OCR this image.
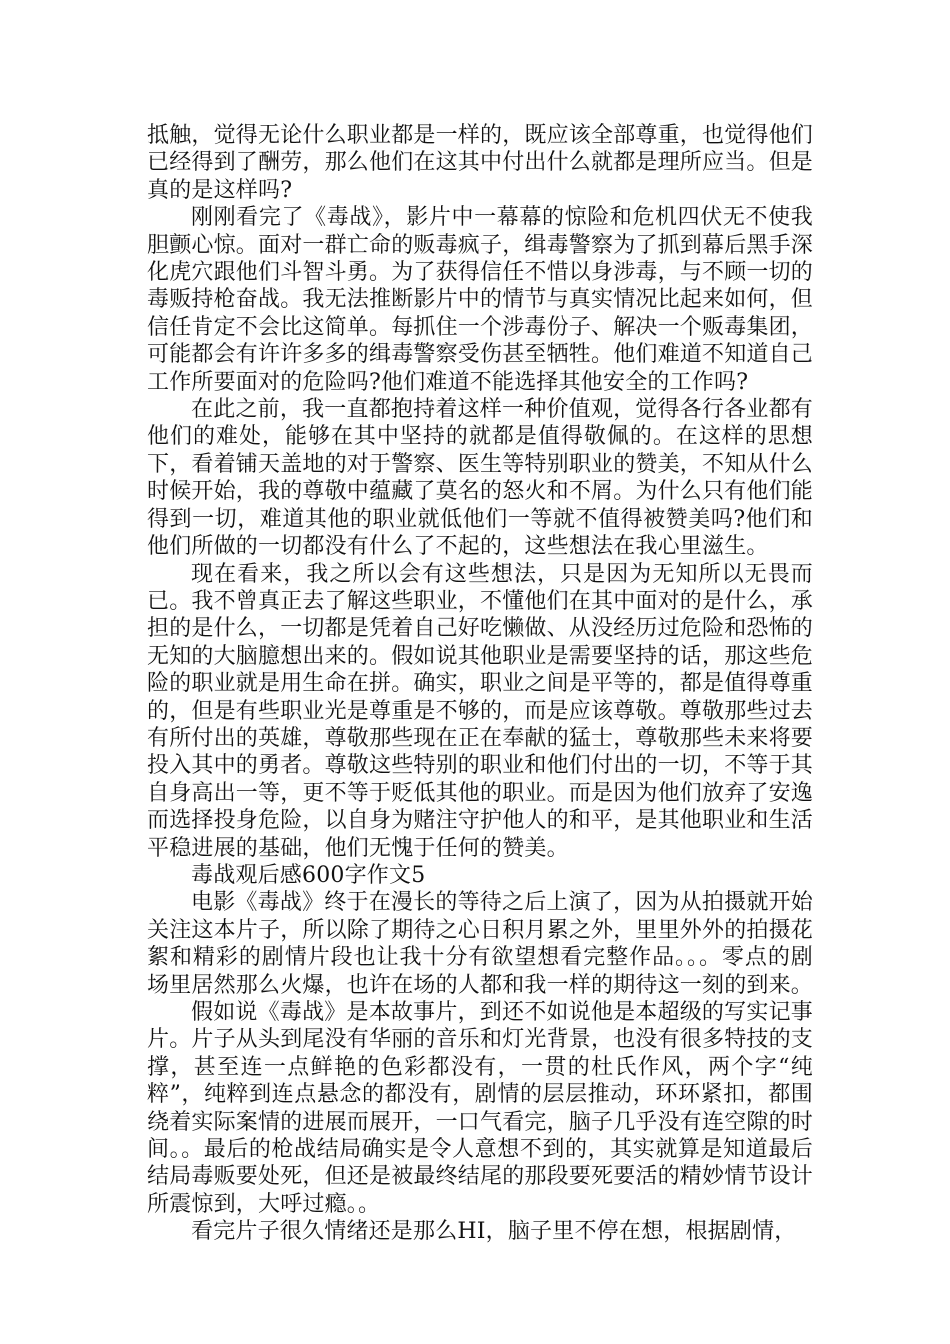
抵触，觉得无论什么职业都是一样的，既应该全部尊重，也觉得他们已经得到了酬劳，那么他们在这其中付出什么就都是理所应当。但是真的是这样吗?

刚刚看完了《毒战》，影片中一幕幕的惊险和危机四伏无不使我胆颤心惊。面对一群亡命的贩毒疯子，缉毒警察为了抓到幕后黑手深化虎穴跟他们斗智斗勇。为了获得信任不惜以身涉毒，与不顾一切的毒贩持枪奋战。我无法推断影片中的情节与真实情况比起来如何，但信任肯定不会比这简单。每抓住一个涉毒份子、解决一个贩毒集团，可能都会有许许多多的缉毒警察受伤甚至牺牲。他们难道不知道自己工作所要面对的危险吗?他们难道不能选择其他安全的工作吗?

在此之前，我一直都抱持着这样一种价值观，觉得各行各业都有他们的难处，能够在其中坚持的就都是值得敬佩的。在这样的思想下，看着铺天盖地的对于警察、医生等特别职业的赞美，不知从什么时候开始，我的尊敬中蕴藏了莫名的怒火和不屑。为什么只有他们能得到一切，难道其他的职业就低他们一等就不值得被赞美吗?他们和他们所做的一切都没有什么了不起的，这些想法在我心里滋生。

现在看来，我之所以会有这些想法，只是因为无知所以无畏而已。我不曾真正去了解这些职业，不懂他们在其中面对的是什么，承担的是什么，一切都是凭着自己好吃懒做、从没经历过危险和恐怖的无知的大脑臆想出来的。假如说其他职业是需要坚持的话，那这些危险的职业就是用生命在拼。确实，职业之间是平等的，都是值得尊重的，但是有些职业光是尊重是不够的，而是应该尊敬。尊敬那些过去有所付出的英雄，尊敬那些现在正在奉献的猛士，尊敬那些未来将要投入其中的勇者。尊敬这些特别的职业和他们付出的一切，不等于其自身高出一等，更不等于贬低其他的职业。而是因为他们放弃了安逸而选择投身危险，以自身为赌注守护他人的和平，是其他职业和生活平稳进展的基础，他们无愧于任何的赞美。

毒战观后感600字作文5

电影《毒战》终于在漫长的等待之后上演了，因为从拍摄就开始关注这本片子，所以除了期待之心日积月累之外，里里外外的拍摄花絮和精彩的剧情片段也让我十分有欲望想看完整作品。。。零点的剧场里居然那么火爆，也许在场的人都和我一样的期待这一刻的到来。

假如说《毒战》是本故事片，到还不如说他是本超级的写实记事片。片子从头到尾没有华丽的音乐和灯光背景，也没有很多特技的支撑，甚至连一点鲜艳的色彩都没有，一贯的杜氏作风，两个字“纯粹”，纯粹到连点悬念的都没有，剧情的层层推动，环环紧扣，都围绕着实际案情的进展而展开，一口气看完，脑子几乎没有连空隙的时间。。最后的枪战结局确实是令人意想不到的，其实就算是知道最后结局毒贩要处死，但还是被最终结尾的那段要死要活的精妙情节设计所震惊到，大呼过瘾。。

看完片子很久情绪还是那么HI，脑子里不停在想，根据剧情，
